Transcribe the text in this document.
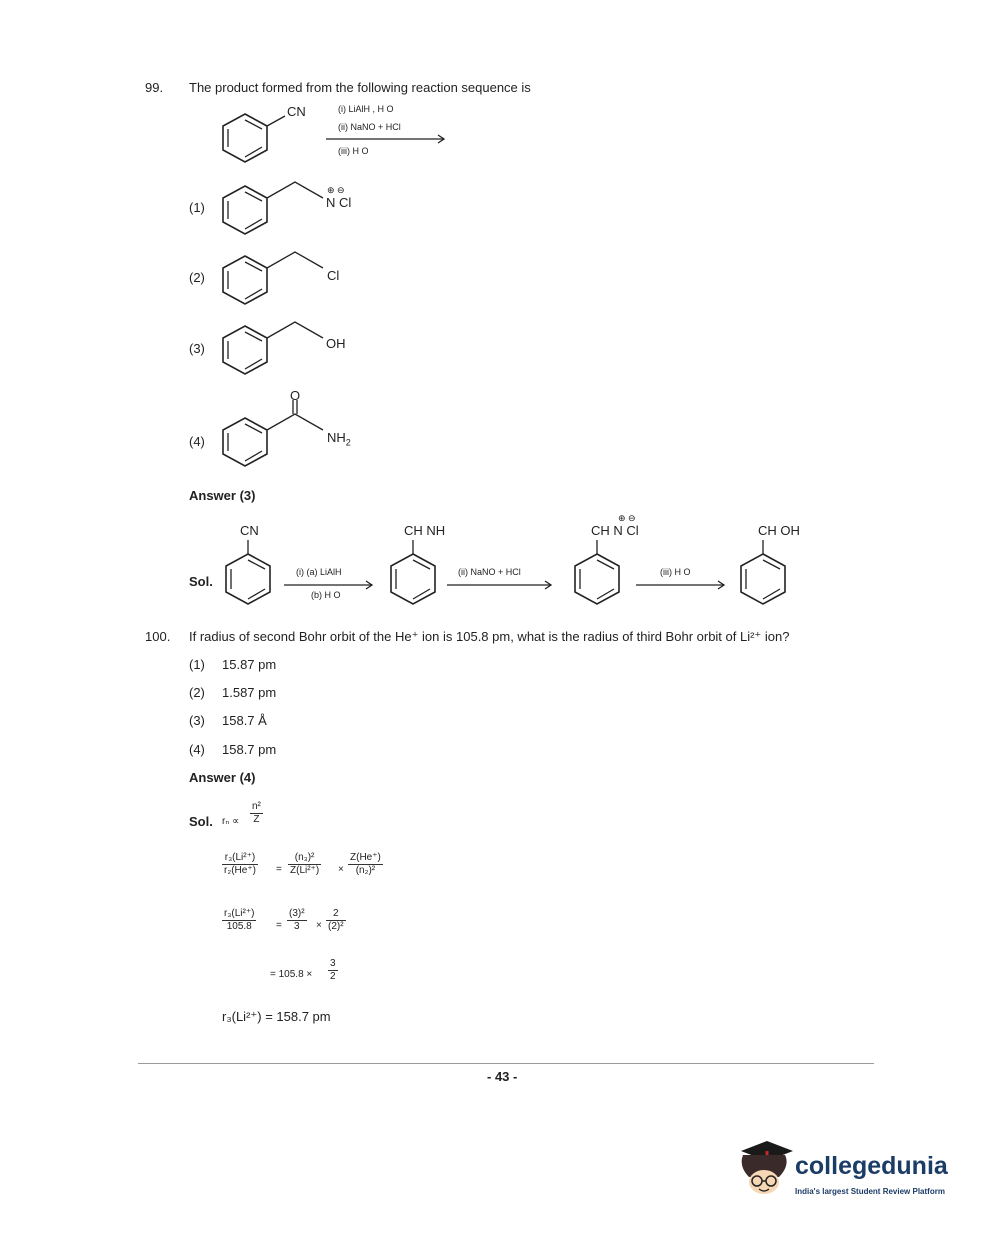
99. The product formed from the following reaction sequence is
CN	(i) LiAlH , H O
(ii) NaNO + HCl
(iii) H O
(1)
⊕ ⊖
N Cl
(2)	Cl
(3)	OH
(4)
O
$NH_2$
Answer (3)
Sol.
CN
(i) (a) LiAlH
(b) H O
CH NH
(ii) NaNO + HCl
⊕ ⊖
CH N Cl
(iii) H O
CH OH
100. If radius of second Bohr orbit of the He⁺ ion is 105.8 pm, what is the radius of third Bohr orbit of Li²⁺ ion?
(1) 15.87 pm
(2) 1.587 pm
(3) 158.7 Å
(4) 158.7 pm
Answer (4)
Sol. $r_n \propto \frac{\text{n²}}{Z}$
$\frac{\text{r₃(Li²⁺)}}{\text{r₂(He⁺)}} = \frac{\text{(n₃)²}}{\text{Z(Li²⁺)}} \times \frac{Z(He^+)}{\text{(n₂)²}}$
$\frac{\text{r₃(Li²⁺)}}{105.8} = \frac{\text{(3)²}}{3} \times \frac{2}{\text{(2)²}}$
= $105.8 \times \frac{3}{2}$
r₃(Li²⁺) = 158.7 pm
- 43 -
collegedunia
India's largest Student Review Platform
